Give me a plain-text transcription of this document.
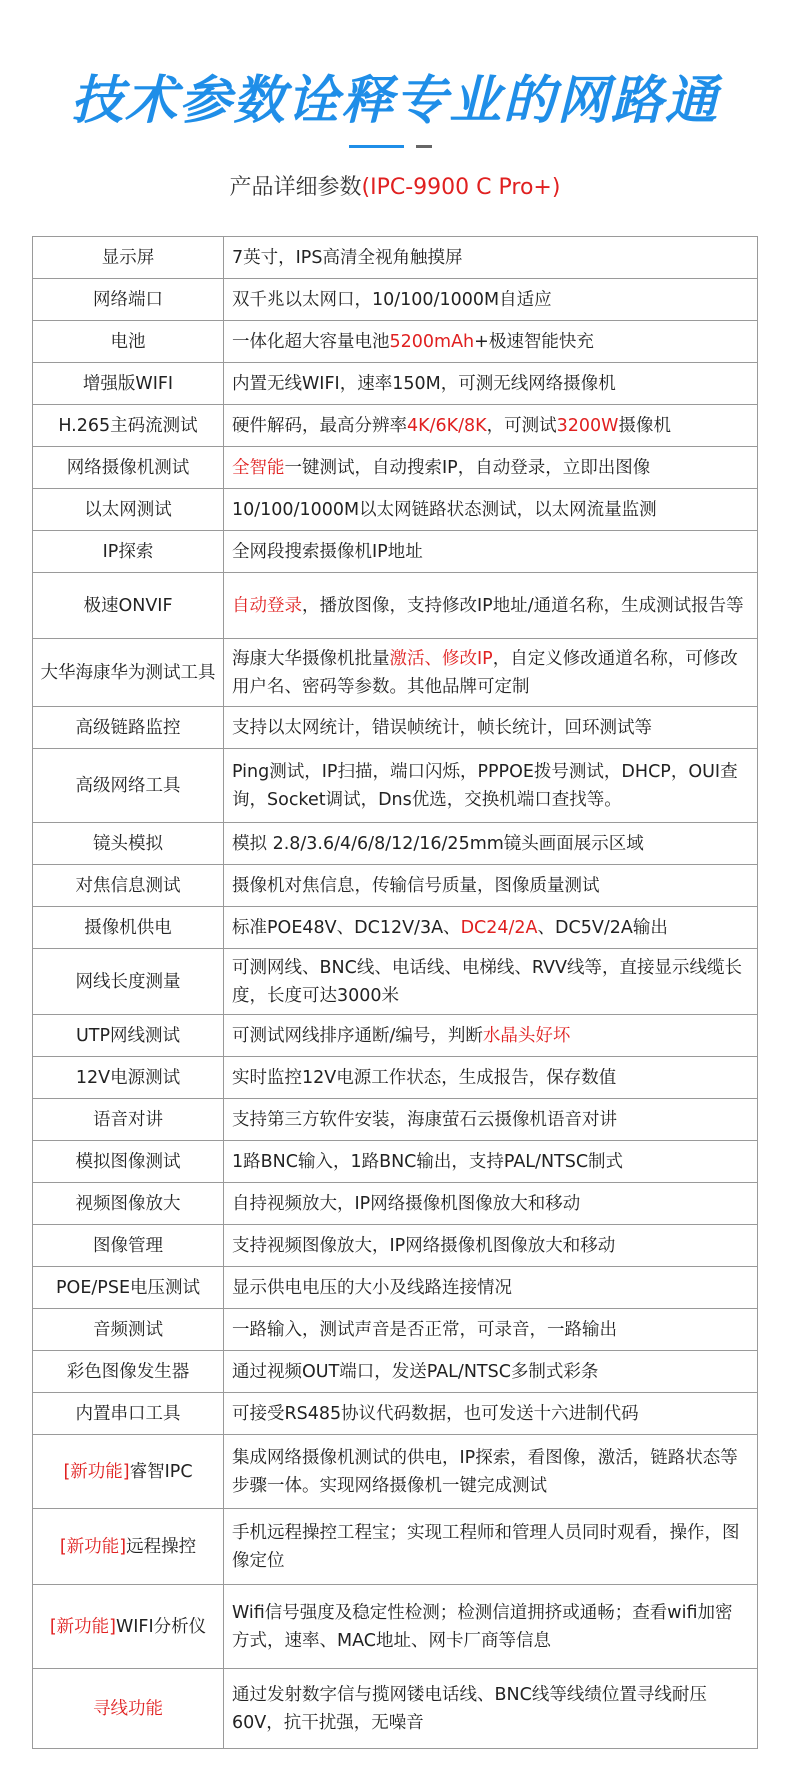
技术参数诠释专业的网路通
产品详细参数(IPC-9900 C Pro+)
显示屏	7英寸，IPS高清全视角触摸屏
网络端口	双千兆以太网口，10/100/1000M自适应
电池	一体化超大容量电池5200mAh+极速智能快充
增强版WIFI	内置无线WIFI，速率150M，可测无线网络摄像机
H.265主码流测试	硬件解码，最高分辨率4K/6K/8K，可测试3200W摄像机
网络摄像机测试	全智能一键测试，自动搜索IP，自动登录，立即出图像
以太网测试	10/100/1000M以太网链路状态测试，以太网流量监测
IP探索	全网段搜索摄像机IP地址
极速ONVIF	自动登录，播放图像，支持修改IP地址/通道名称，生成测试报告等
大华海康华为测试工具	海康大华摄像机批量激活、修改IP，自定义修改通道名称，可修改用户名、密码等参数。其他品牌可定制
高级链路监控	支持以太网统计，错误帧统计，帧长统计，回环测试等
高级网络工具	Ping测试，IP扫描，端口闪烁，PPPOE拨号测试，DHCP，OUI查询，Socket调试，Dns优选，交换机端口查找等。
镜头模拟	模拟 2.8/3.6/4/6/8/12/16/25mm镜头画面展示区域
对焦信息测试	摄像机对焦信息，传输信号质量，图像质量测试
摄像机供电	标准POE48V、DC12V/3A、DC24/2A、DC5V/2A输出
网线长度测量	可测网线、BNC线、电话线、电梯线、RVV线等，直接显示线缆长度，长度可达3000米
UTP网线测试	可测试网线排序通断/编号，判断水晶头好坏
12V电源测试	实时监控12V电源工作状态，生成报告，保存数值
语音对讲	支持第三方软件安装，海康萤石云摄像机语音对讲
模拟图像测试	1路BNC输入，1路BNC输出，支持PAL/NTSC制式
视频图像放大	自持视频放大，IP网络摄像机图像放大和移动
图像管理	支持视频图像放大，IP网络摄像机图像放大和移动
POE/PSE电压测试	显示供电电压的大小及线路连接情况
音频测试	一路输入，测试声音是否正常，可录音，一路输出
彩色图像发生器	通过视频OUT端口，发送PAL/NTSC多制式彩条
内置串口工具	可接受RS485协议代码数据，也可发送十六进制代码
[新功能]睿智IPC	集成网络摄像机测试的供电，IP探索，看图像，激活，链路状态等步骤一体。实现网络摄像机一键完成测试
[新功能]远程操控	手机远程操控工程宝；实现工程师和管理人员同时观看，操作，图像定位
[新功能]WIFI分析仪	Wifi信号强度及稳定性检测；检测信道拥挤或通畅；查看wifi加密方式，速率、MAC地址、网卡厂商等信息
寻线功能	通过发射数字信与揽网镂电话线、BNC线等线绩位置寻线耐压60V，抗干扰强，无噪音
